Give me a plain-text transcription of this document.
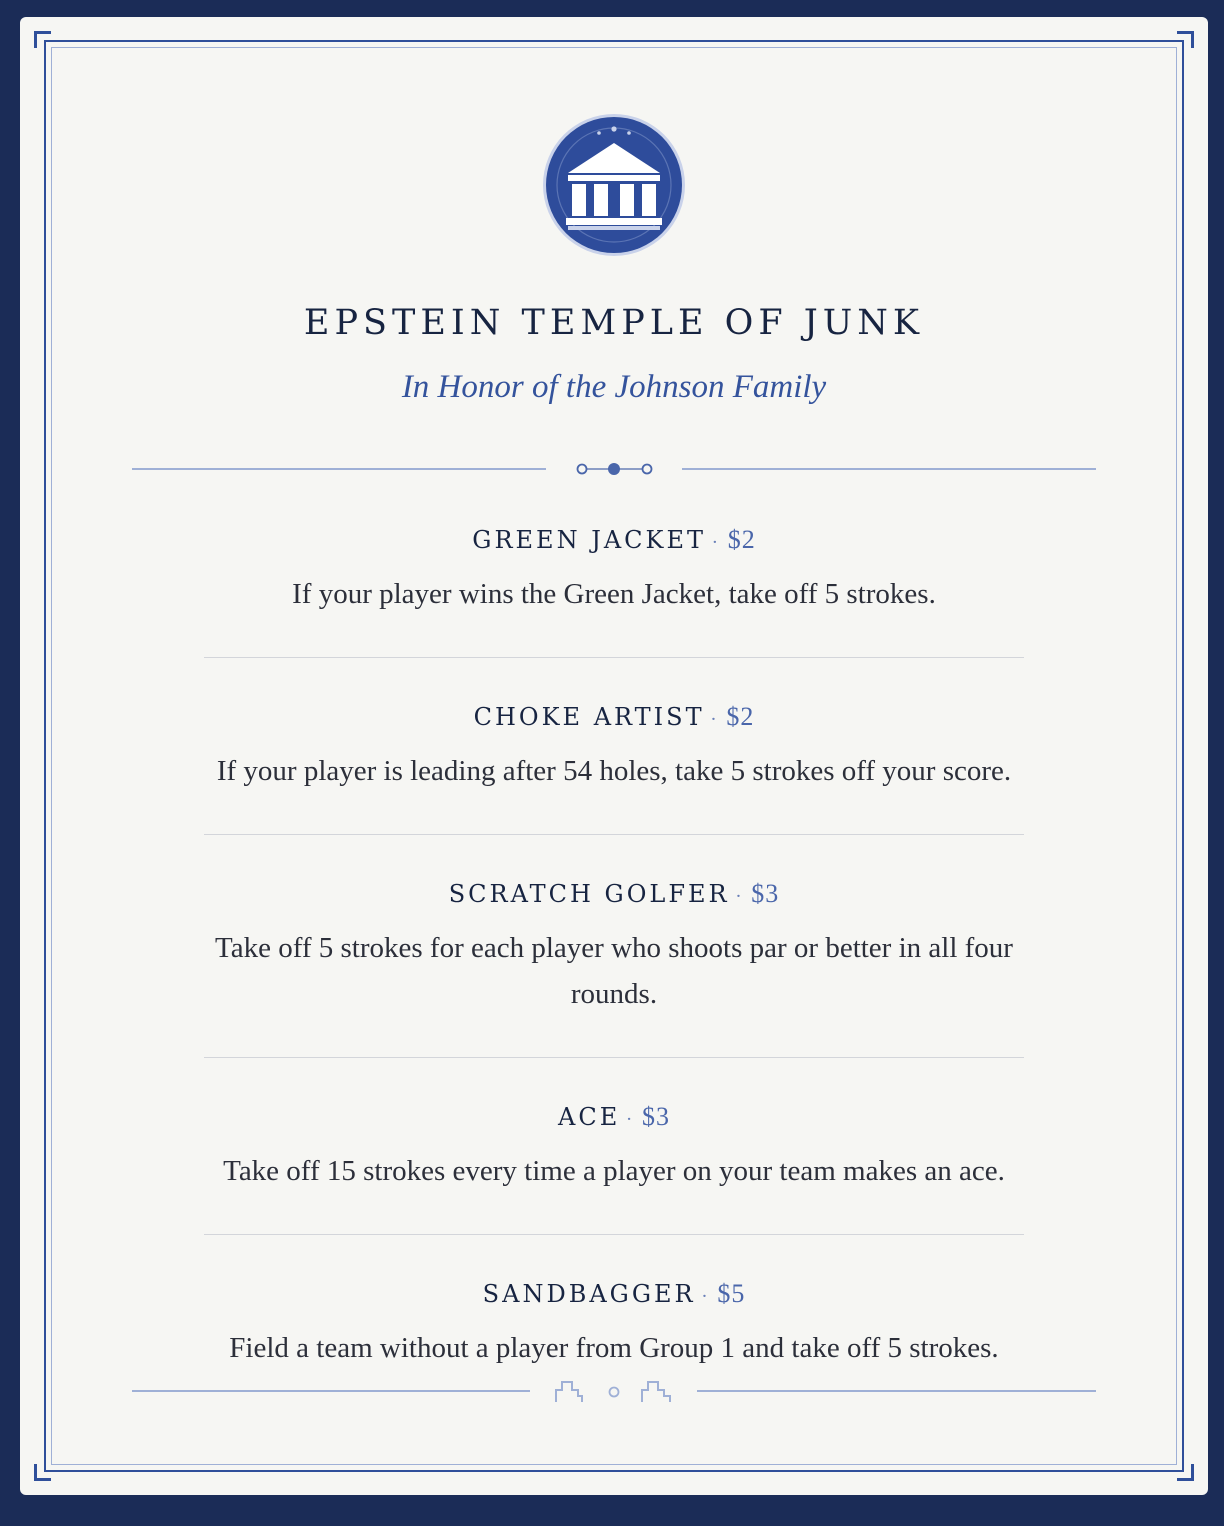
EPSTEIN TEMPLE OF JUNK
In Honor of the Johnson Family
GREEN JACKET · $2
If your player wins the Green Jacket, take off 5 strokes.
CHOKE ARTIST · $2
If your player is leading after 54 holes, take 5 strokes off your score.
SCRATCH GOLFER · $3
Take off 5 strokes for each player who shoots par or better in all four rounds.
ACE · $3
Take off 15 strokes every time a player on your team makes an ace.
SANDBAGGER · $5
Field a team without a player from Group 1 and take off 5 strokes.
